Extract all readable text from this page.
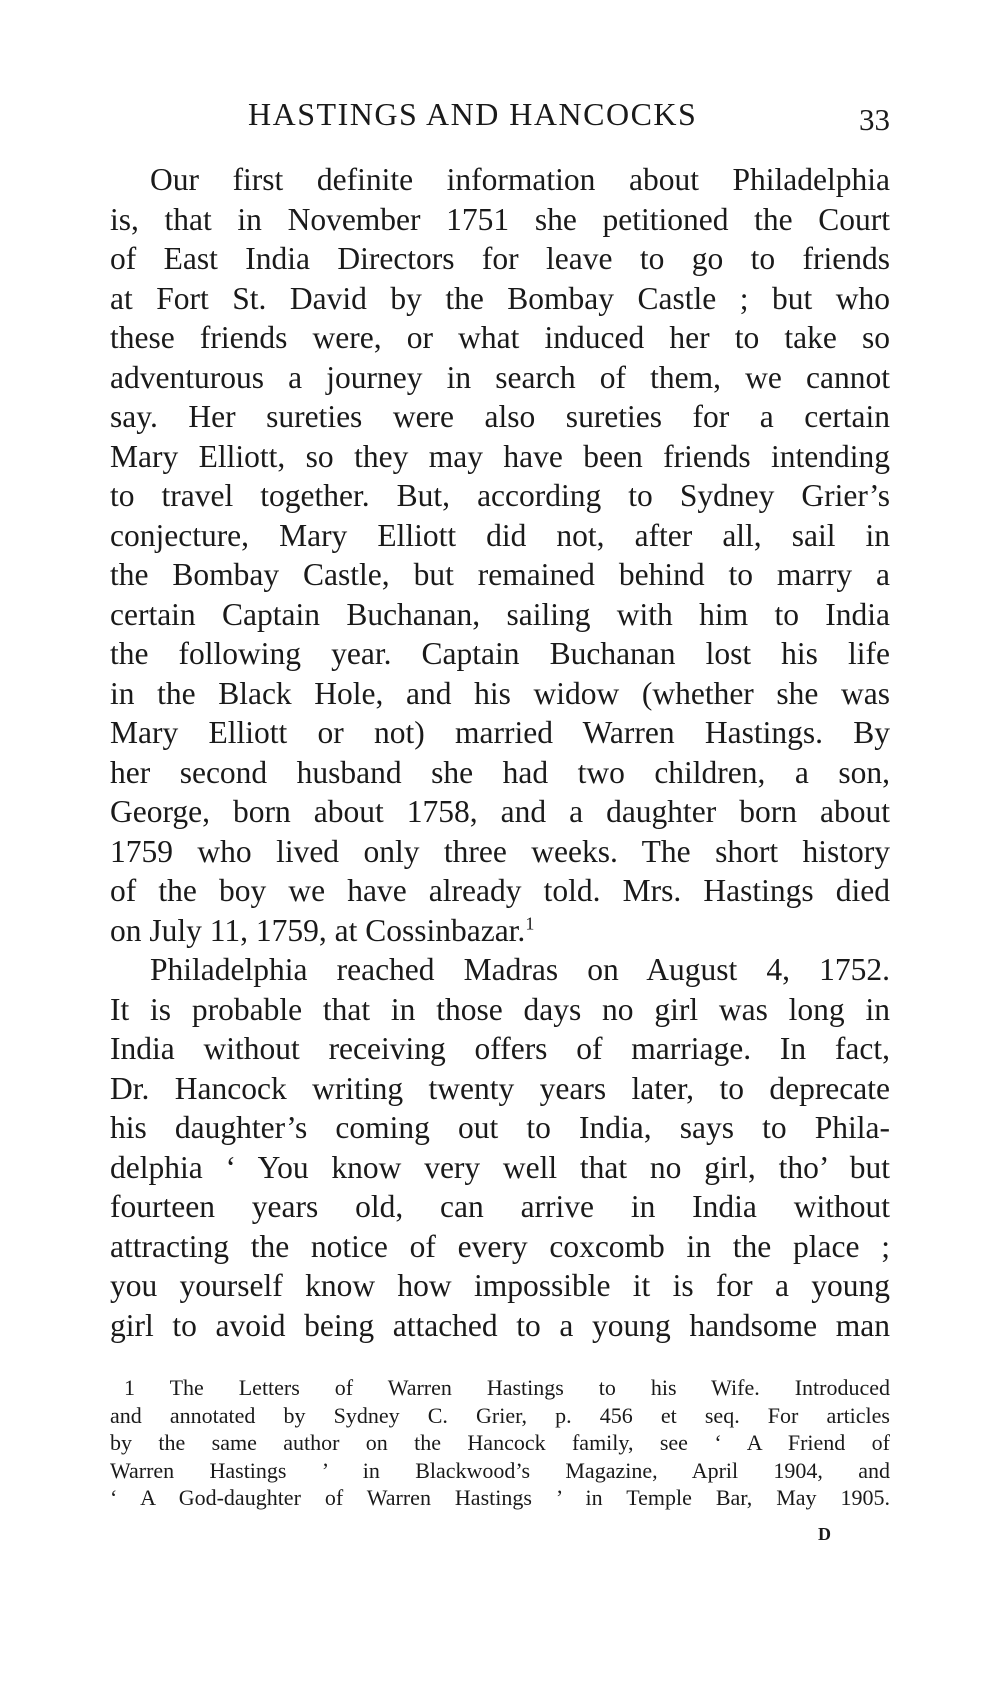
HASTINGS AND HANCOCKS	33
Our first definite information about Philadelphia
is, that in November 1751 she petitioned the Court
of East India Directors for leave to go to friends
at Fort St. David by the Bombay Castle ; but who
these friends were, or what induced her to take so
adventurous a journey in search of them, we cannot
say. Her sureties were also sureties for a certain
Mary Elliott, so they may have been friends intending
to travel together. But, according to Sydney Grier’s
conjecture, Mary Elliott did not, after all, sail in
the Bombay Castle, but remained behind to marry a
certain Captain Buchanan, sailing with him to India
the following year. Captain Buchanan lost his life
in the Black Hole, and his widow (whether she was
Mary Elliott or not) married Warren Hastings. By
her second husband she had two children, a son,
George, born about 1758, and a daughter born about
1759 who lived only three weeks. The short history
of the boy we have already told. Mrs. Hastings died
on July 11, 1759, at Cossinbazar.$^1$
Philadelphia reached Madras on August 4, 1752.
It is probable that in those days no girl was long in
India without receiving offers of marriage. In fact,
Dr. Hancock writing twenty years later, to deprecate
his daughter’s coming out to India, says to Phila-
delphia ‘ You know very well that no girl, tho’ but
fourteen years old, can arrive in India without
attracting the notice of every coxcomb in the place ;
you yourself know how impossible it is for a young
girl to avoid being attached to a young handsome man
1 The Letters of Warren Hastings to his Wife. Introduced
and annotated by Sydney C. Grier, p. 456 et seq. For articles
by the same author on the Hancock family, see ‘ A Friend of
Warren Hastings ’ in Blackwood’s Magazine, April 1904, and
‘ A God-daughter of Warren Hastings ’ in Temple Bar, May 1905.
D
